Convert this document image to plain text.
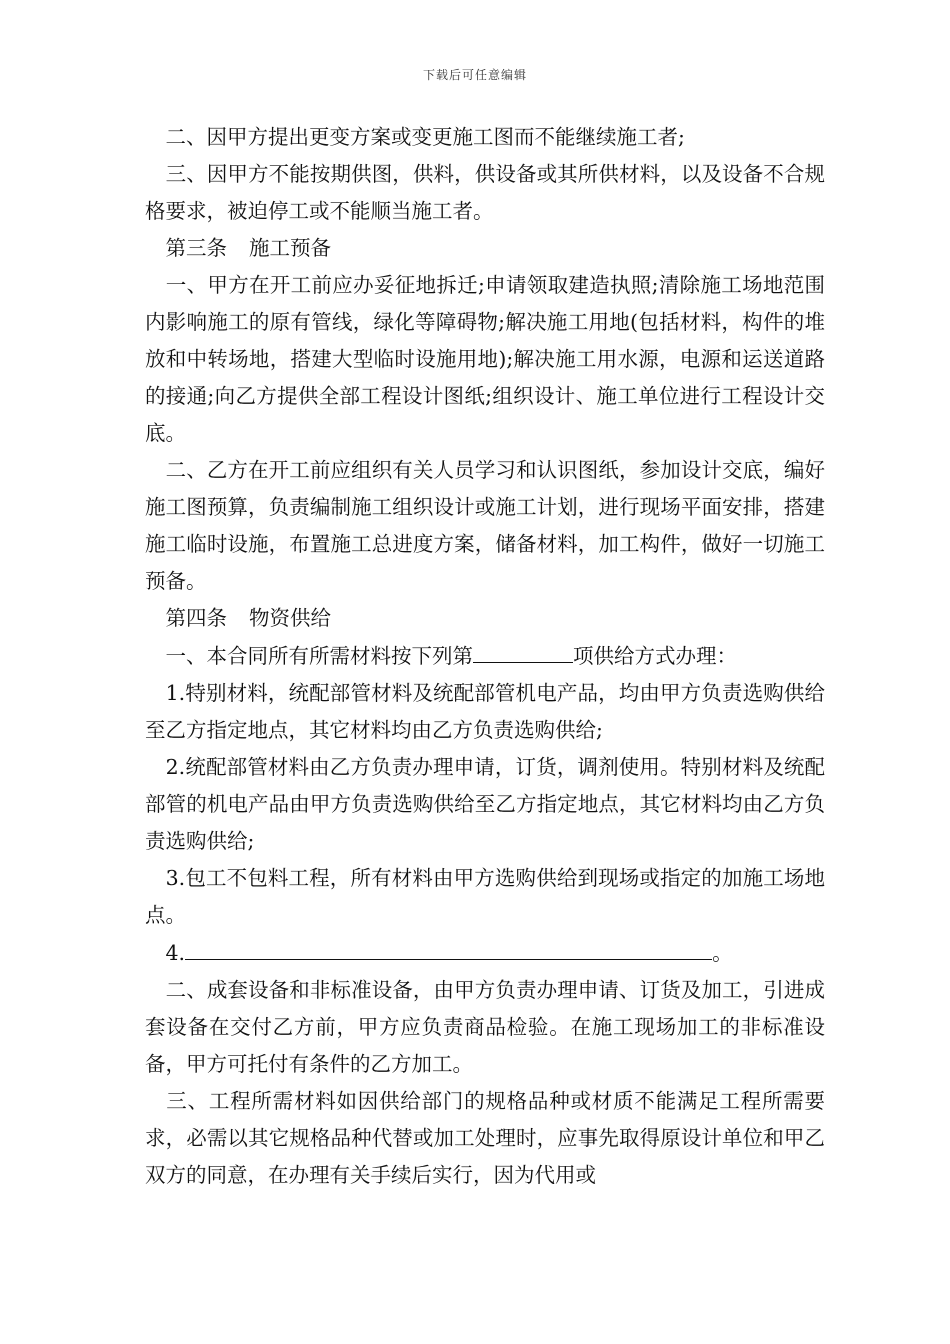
下载后可任意编辑

　二、因甲方提出更变方案或变更施工图而不能继续施工者;

　三、因甲方不能按期供图，供料，供设备或其所供材料，以及设备不合规格要求，被迫停工或不能顺当施工者。

　第三条 施工预备

　一、甲方在开工前应办妥征地拆迁;申请领取建造执照;清除施工场地范围内影响施工的原有管线，绿化等障碍物;解决施工用地(包括材料，构件的堆放和中转场地，搭建大型临时设施用地);解决施工用水源，电源和运送道路的接通;向乙方提供全部工程设计图纸;组织设计、施工单位进行工程设计交底。

　二、乙方在开工前应组织有关人员学习和认识图纸，参加设计交底，编好施工图预算，负责编制施工组织设计或施工计划，进行现场平面安排，搭建施工临时设施，布置施工总进度方案，储备材料，加工构件，做好一切施工预备。

　第四条 物资供给

　一、本合同所有所需材料按下列第	项供给方式办理：

　1.特别材料，统配部管材料及统配部管机电产品，均由甲方负责选购供给至乙方指定地点，其它材料均由乙方负责选购供给;

　2.统配部管材料由乙方负责办理申请，订货，调剂使用。特别材料及统配部管的机电产品由甲方负责选购供给至乙方指定地点，其它材料均由乙方负责选购供给;

　3.包工不包料工程，所有材料由甲方选购供给到现场或指定的加施工场地点。

　4.	。

　二、成套设备和非标准设备，由甲方负责办理申请、订货及加工，引进成套设备在交付乙方前，甲方应负责商品检验。在施工现场加工的非标准设备，甲方可托付有条件的乙方加工。

　三、工程所需材料如因供给部门的规格品种或材质不能满足工程所需要求，必需以其它规格品种代替或加工处理时，应事先取得原设计单位和甲乙双方的同意，在办理有关手续后实行，因为代用或
